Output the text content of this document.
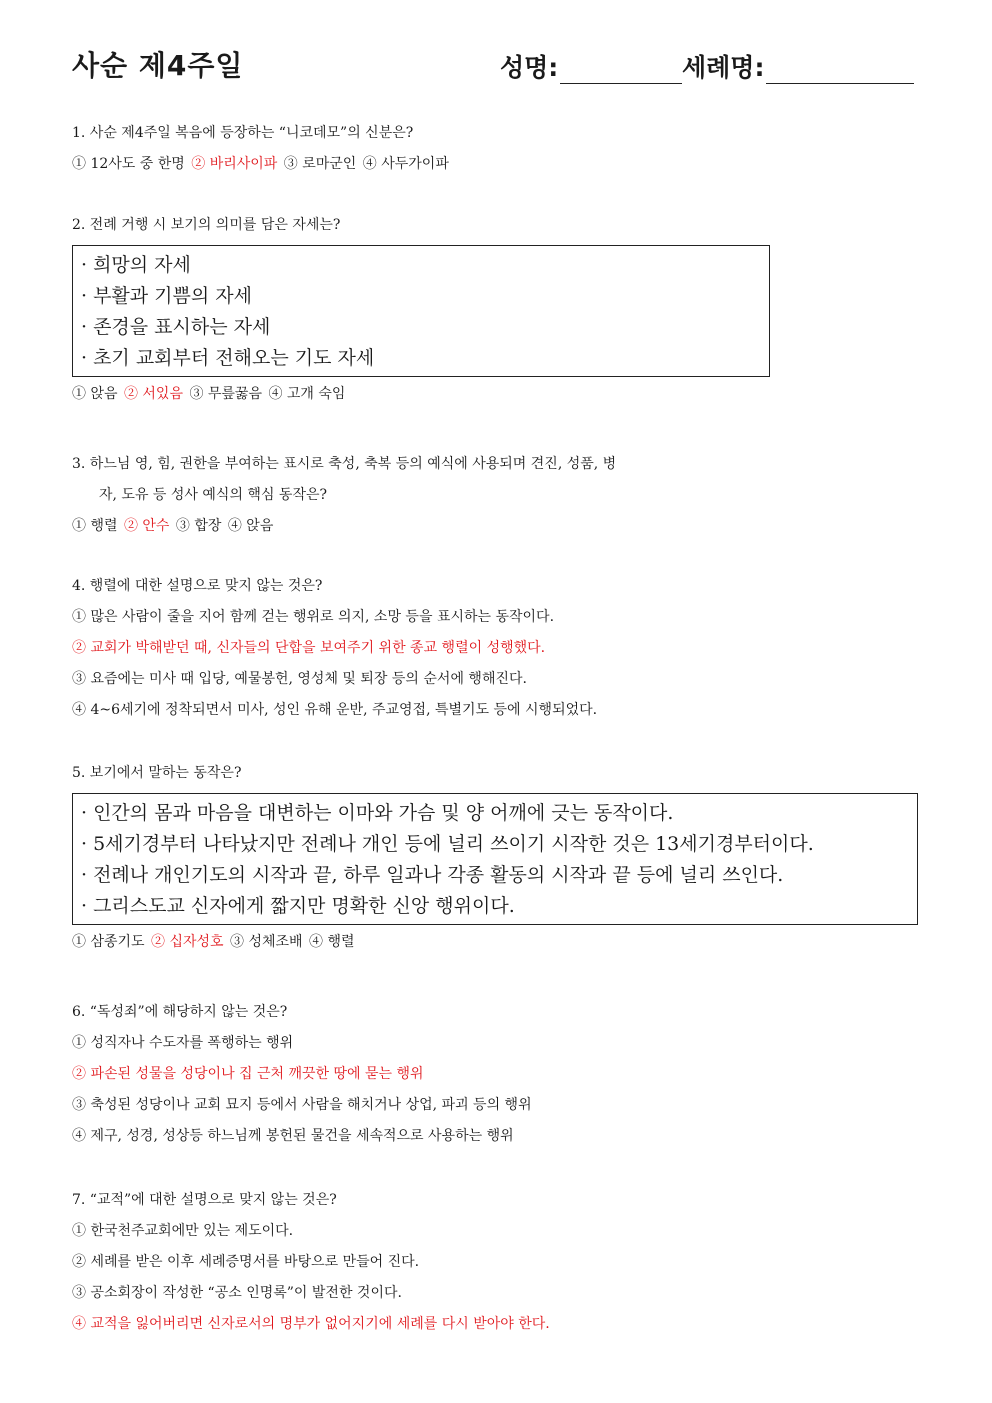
사순 제4주일	성명:	세례명:
1. 사순 제4주일 복음에 등장하는 “니코데모”의 신분은?
① 12사도 중 한명 ② 바리사이파 ③ 로마군인 ④ 사두가이파
2. 전례 거행 시 보기의 의미를 담은 자세는?
· 희망의 자세
· 부활과 기쁨의 자세
· 존경을 표시하는 자세
· 초기 교회부터 전해오는 기도 자세
① 앉음 ② 서있음 ③ 무릎꿇음 ④ 고개 숙임
3. 하느님 영, 힘, 권한을 부여하는 표시로 축성, 축복 등의 예식에 사용되며 견진, 성품, 병
자, 도유 등 성사 예식의 핵심 동작은?
① 행렬 ② 안수 ③ 합장 ④ 앉음
4. 행렬에 대한 설명으로 맞지 않는 것은?
① 많은 사람이 줄을 지어 함께 걷는 행위로 의지, 소망 등을 표시하는 동작이다.
② 교회가 박해받던 때, 신자들의 단합을 보여주기 위한 종교 행렬이 성행했다.
③ 요즘에는 미사 때 입당, 예물봉헌, 영성체 및 퇴장 등의 순서에 행해진다.
④ 4~6세기에 정착되면서 미사, 성인 유해 운반, 주교영접, 특별기도 등에 시행되었다.
5. 보기에서 말하는 동작은?
· 인간의 몸과 마음을 대변하는 이마와 가슴 및 양 어깨에 긋는 동작이다.
· 5세기경부터 나타났지만 전례나 개인 등에 널리 쓰이기 시작한 것은 13세기경부터이다.
· 전례나 개인기도의 시작과 끝, 하루 일과나 각종 활동의 시작과 끝 등에 널리 쓰인다.
· 그리스도교 신자에게 짧지만 명확한 신앙 행위이다.
① 삼종기도 ② 십자성호 ③ 성체조배 ④ 행렬
6. “독성죄”에 해당하지 않는 것은?
① 성직자나 수도자를 폭행하는 행위
② 파손된 성물을 성당이나 집 근처 깨끗한 땅에 묻는 행위
③ 축성된 성당이나 교회 묘지 등에서 사람을 해치거나 상업, 파괴 등의 행위
④ 제구, 성경, 성상등 하느님께 봉헌된 물건을 세속적으로 사용하는 행위
7. “교적”에 대한 설명으로 맞지 않는 것은?
① 한국천주교회에만 있는 제도이다.
② 세례를 받은 이후 세례증명서를 바탕으로 만들어 진다.
③ 공소회장이 작성한 “공소 인명록”이 발전한 것이다.
④ 교적을 잃어버리면 신자로서의 명부가 없어지기에 세례를 다시 받아야 한다.
